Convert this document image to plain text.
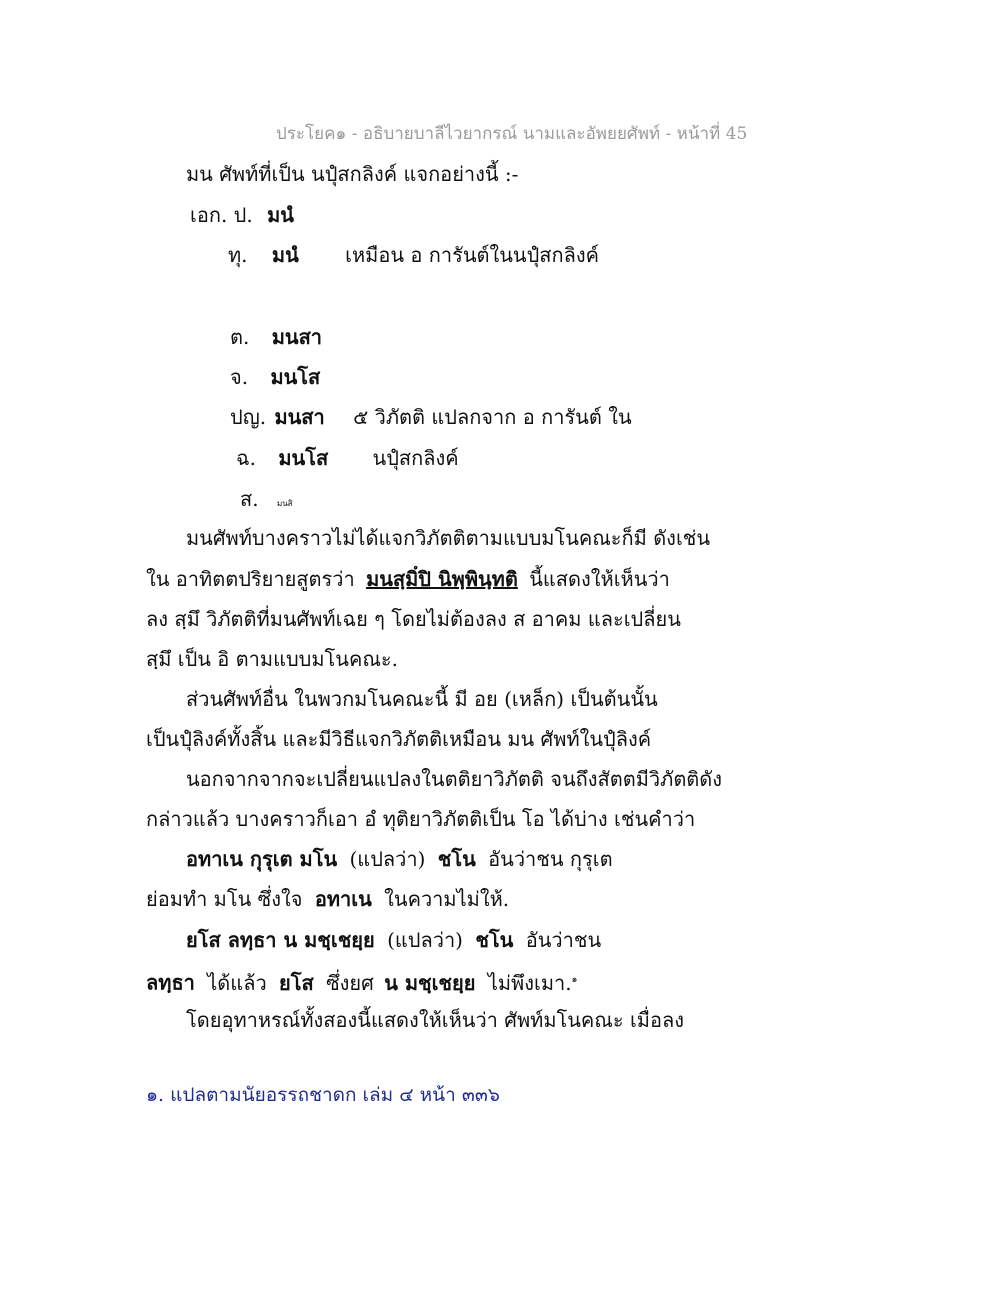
ประโยค๑ - อธิบายบาลีไวยากรณ์ นามและอัพยยศัพท์ - หน้าที่ 45
มน ศัพท์ที่เป็น นปุํสกลิงค์ แจกอย่างนี้ :-
เอก. ป. มนํ
ทุ. มนํ เหมือน อ การันต์ในนปุํสกลิงค์
ต. มนสา
จ. มนโส
ปญ. มนสา ๕ วิภัตติ แปลกจาก อ การันต์ ใน
ฉ. มนโส นปุํสกลิงค์
ส. มนสิ
มนศัพท์บางคราวไม่ได้แจกวิภัตติตามแบบมโนคณะก็มี ดังเช่น
ใน อาทิตตปริยายสูตรว่า มนสฺมิํปิ นิพฺพินฺทติ นี้แสดงให้เห็นว่า
ลง สฺมึ วิภัตติที่มนศัพท์เฉย ๆ โดยไม่ต้องลง ส อาคม และเปลี่ยน
สฺมึ เป็น อิ ตามแบบมโนคณะ.
ส่วนศัพท์อื่น ในพวกมโนคณะนี้ มี อย (เหล็ก) เป็นต้นนั้น
เป็นปุํลิงค์ทั้งสิ้น และมีวิธีแจกวิภัตติเหมือน มน ศัพท์ในปุํลิงค์
นอกจากจากจะเปลี่ยนแปลงในตติยาวิภัตติ จนถึงสัตตมีวิภัตติดัง
กล่าวแล้ว บางคราวก็เอา อํ ทุติยาวิภัตติเป็น โอ ได้บ่าง เช่นคำว่า
อทาเน กุรุเต มโน (แปลว่า) ชโน อันว่าชน กุรุเต
ย่อมทำ มโน ซึ่งใจ อทาเน ในความไม่ให้.
ยโส ลทฺธา น มชฺเชยฺย (แปลว่า) ชโน อันว่าชน
ลทฺธา ได้แล้ว ยโส ซึ่งยศ น มชฺเชยฺย ไม่พึงเมา.$^๑$
โดยอุทาหรณ์ทั้งสองนี้แสดงให้เห็นว่า ศัพท์มโนคณะ เมื่อลง
๑. แปลตามนัยอรรถชาดก เล่ม ๔ หน้า ๓๓๖
